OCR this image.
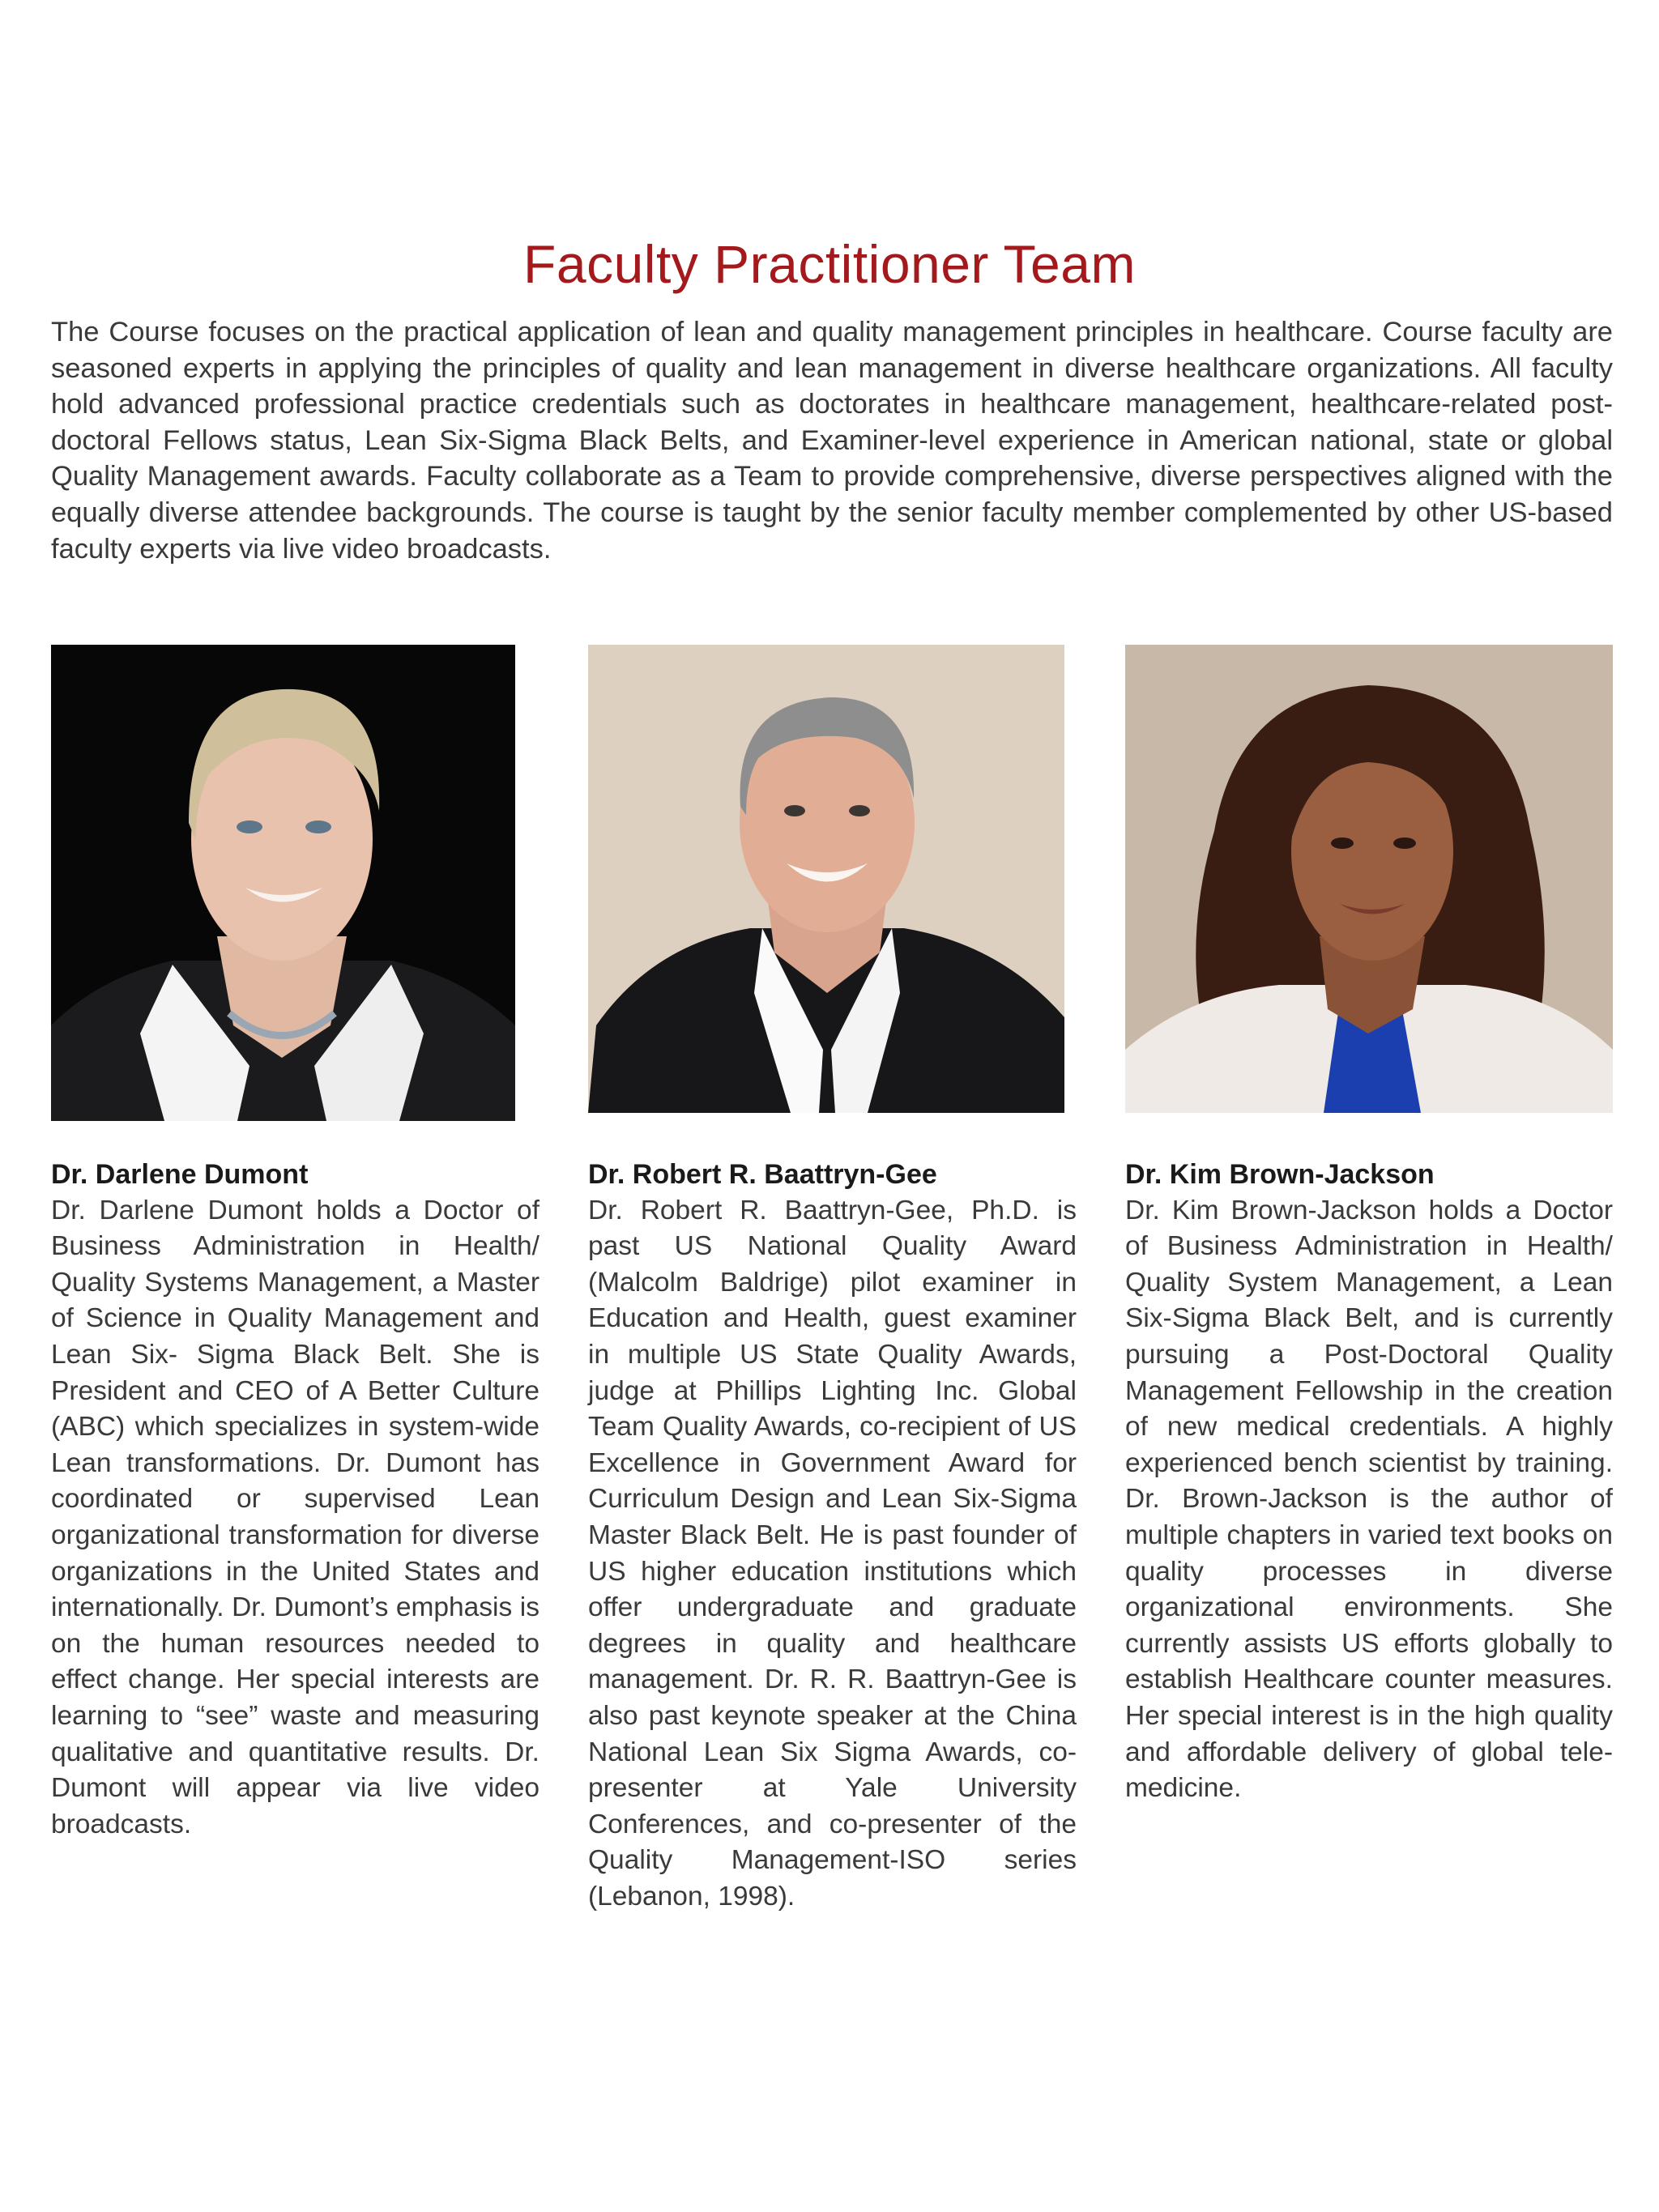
Faculty Practitioner Team

The Course focuses on the practical application of lean and quality management principles in healthcare. Course faculty are seasoned experts in applying the principles of quality and lean management in diverse healthcare organizations. All faculty hold advanced professional practice credentials such as doctorates in healthcare management, healthcare-related post-doctoral Fellows status, Lean Six-Sigma Black Belts, and Examiner-level experience in American national, state or global Quality Management awards. Faculty collaborate as a Team to provide comprehensive, diverse perspectives aligned with the equally diverse attendee backgrounds. The course is taught by the senior faculty member complemented by other US-based faculty experts via live video broadcasts.

Dr. Darlene Dumont

Dr. Darlene Dumont holds a Doctor of Business Administration in Health/ Quality Systems Management, a Master of Science in Quality Management and Lean Six- Sigma Black Belt. She is President and CEO of A Better Culture (ABC) which specializes in system-wide Lean transformations. Dr. Dumont has coordinated or supervised Lean organizational transformation for diverse organizations in the United States and internationally. Dr. Dumont’s emphasis is on the human resources needed to effect change. Her special interests are learning to “see” waste and measuring qualitative and quantitative results. Dr. Dumont will appear via live video broadcasts.

Dr. Robert R. Baattryn-Gee

Dr. Robert R. Baattryn-Gee, Ph.D. is past US National Quality Award (Malcolm Baldrige) pilot examiner in Education and Health, guest examiner in multiple US State Quality Awards, judge at Phillips Lighting Inc. Global Team Quality Awards, co-recipient of US Excellence in Government Award for Curriculum Design and Lean Six-Sigma Master Black Belt. He is past founder of US higher education institutions which offer undergraduate and graduate degrees in quality and healthcare management. Dr. R. R. Baattryn-Gee is also past keynote speaker at the China National Lean Six Sigma Awards, co-presenter at Yale University Conferences, and co-presenter of the Quality Management-ISO series (Lebanon, 1998).

Dr. Kim Brown-Jackson

Dr. Kim Brown-Jackson holds a Doctor of Business Administration in Health/ Quality System Management, a Lean Six-Sigma Black Belt, and is currently pursuing a Post-Doctoral Quality Management Fellowship in the creation of new medical credentials. A highly experienced bench scientist by training. Dr. Brown-Jackson is the author of multiple chapters in varied text books on quality processes in diverse organizational environments. She currently assists US efforts globally to establish Healthcare counter measures. Her special interest is in the high quality and affordable delivery of global tele-medicine.
